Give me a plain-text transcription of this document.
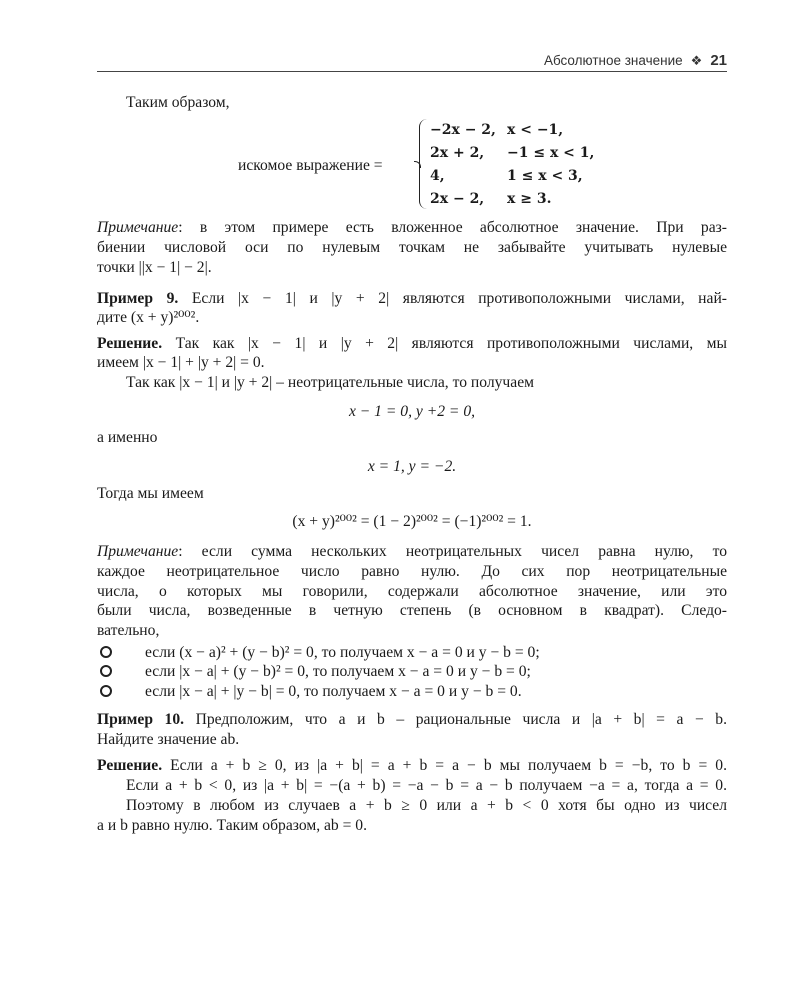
Абсолютное значение ❖ 21
Таким образом,
искомое выражение =
−2x − 2, x < −1,
2x + 2, −1 ≤ x < 1,
4,	1 ≤ x < 3,
2x − 2, x ≥ 3.
Примечание: в этом примере есть вложенное абсолютное значение. При раз-
биении числовой оси по нулевым точкам не забывайте учитывать нулевые
точки ||x − 1| − 2|.
Пример 9. Если |x − 1| и |y + 2| являются противоположными числами, най-
дите (x + y)²⁰⁰².
Решение. Так как |x − 1| и |y + 2| являются противоположными числами, мы
имеем |x − 1| + |y + 2| = 0.
Так как |x − 1| и |y + 2| – неотрицательные числа, то получаем
x − 1 = 0, y +2 = 0,
а именно
x = 1, y = −2.
Тогда мы имеем
(x + y)²⁰⁰² = (1 − 2)²⁰⁰² = (−1)²⁰⁰² = 1.
Примечание: если сумма нескольких неотрицательных чисел равна нулю, то
каждое неотрицательное число равно нулю. До сих пор неотрицательные
числа, о которых мы говорили, содержали абсолютное значение, или это
были числа, возведенные в четную степень (в основном в квадрат). Следо-
вательно,
если (x − a)² + (y − b)² = 0, то получаем x − a = 0 и y − b = 0;
если |x − a| + (y − b)² = 0, то получаем x − a = 0 и y − b = 0;
если |x − a| + |y − b| = 0, то получаем x − a = 0 и y − b = 0.
Пример 10. Предположим, что a и b – рациональные числа и |a + b| = a − b.
Найдите значение ab.
Решение. Если a + b ≥ 0, из |a + b| = a + b = a − b мы получаем b = −b, то b = 0.
Если a + b < 0, из |a + b| = −(a + b) = −a − b = a − b получаем −a = a, тогда a = 0.
Поэтому в любом из случаев a + b ≥ 0 или a + b < 0 хотя бы одно из чисел
a и b равно нулю. Таким образом, ab = 0.
